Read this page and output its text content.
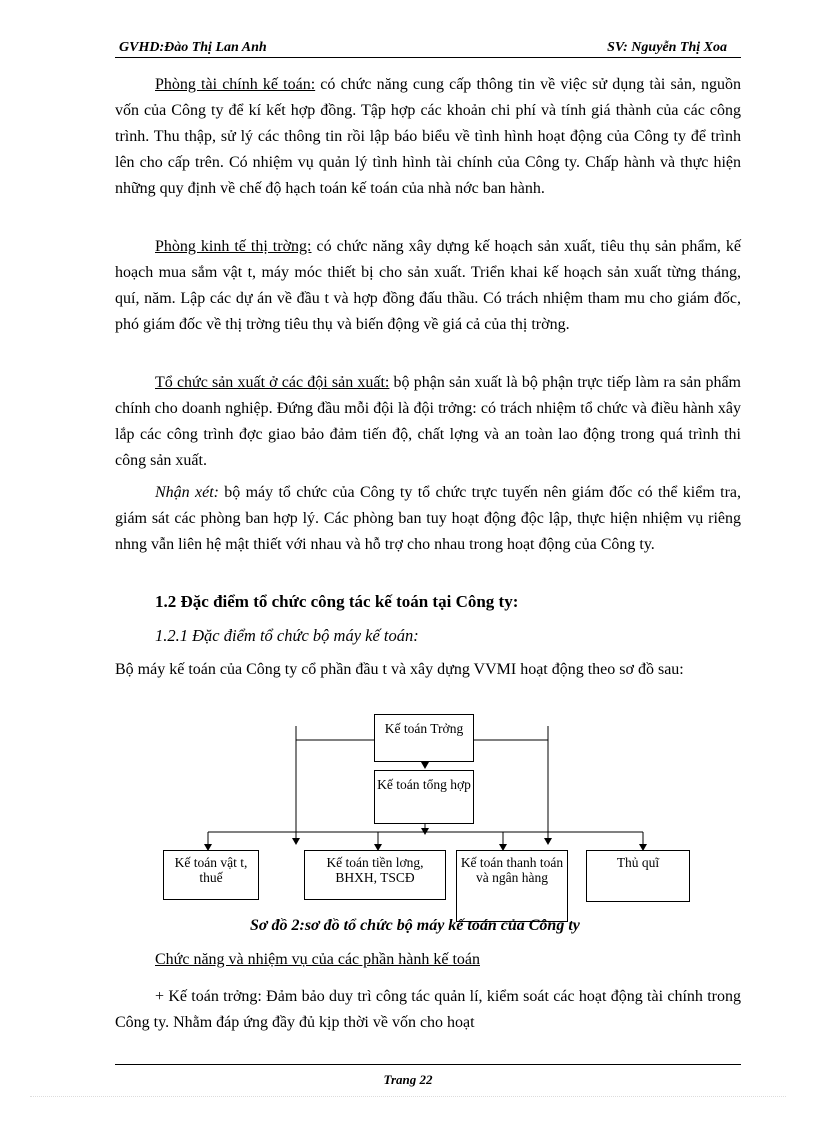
GVHD:Đào Thị Lan Anh	SV: Nguyễn Thị Xoa

Phòng tài chính kế toán: có chức năng cung cấp thông tin về việc sử dụng tài sản, nguồn vốn của Công ty để kí kết hợp đồng. Tập hợp các khoản chi phí và tính giá thành của các công trình. Thu thập, sử lý các thông tin rồi lập báo biểu về tình hình hoạt động của Công ty để trình lên cho cấp trên. Có nhiệm vụ quản lý tình hình tài chính của Công ty. Chấp hành và thực hiện những quy định về chế độ hạch toán kế toán của nhà nớc ban hành.

Phòng kinh tế thị trờng: có chức năng xây dựng kế hoạch sản xuất, tiêu thụ sản phẩm, kế hoạch mua sắm vật t, máy móc thiết bị cho sản xuất. Triển khai kế hoạch sản xuất từng tháng, quí, năm. Lập các dự án về đầu t và hợp đồng đấu thầu. Có trách nhiệm tham mu cho giám đốc, phó giám đốc về thị trờng tiêu thụ và biến động về giá cả của thị trờng.

Tổ chức sản xuất ở các đội sản xuất: bộ phận sản xuất là bộ phận trực tiếp làm ra sản phẩm chính cho doanh nghiệp. Đứng đầu mỗi đội là đội trởng: có trách nhiệm tổ chức và điều hành xây lắp các công trình đợc giao bảo đảm tiến độ, chất lợng và an toàn lao động trong quá trình thi công sản xuất.

Nhận xét: bộ máy tổ chức của Công ty tổ chức trực tuyến nên giám đốc có thể kiểm tra, giám sát các phòng ban hợp lý. Các phòng ban tuy hoạt động độc lập, thực hiện nhiệm vụ riêng nhng vẫn liên hệ mật thiết với nhau và hỗ trợ cho nhau trong hoạt động của Công ty.

1.2 Đặc điểm tổ chức công tác kế toán tại Công ty:

1.2.1 Đặc điểm tổ chức bộ máy kế toán:

Bộ máy kế toán của Công ty cổ phần đầu t và xây dựng VVMI hoạt động theo sơ đồ sau:

Kế toán Trởng
Kế toán tổng hợp
Kế toán vật t, thuế
Kế toán tiền lơng, BHXH, TSCĐ
Kế toán thanh toán và ngân hàng
Thủ quĩ
Sơ đồ 2:sơ đồ tổ chức bộ máy kế toán của Công ty
Chức năng và nhiệm vụ của các phần hành kế toán

+ Kế toán trởng: Đảm bảo duy trì công tác quản lí, kiểm soát các hoạt động tài chính trong Công ty. Nhằm đáp ứng đầy đủ kịp thời về vốn cho hoạt

Trang 22
